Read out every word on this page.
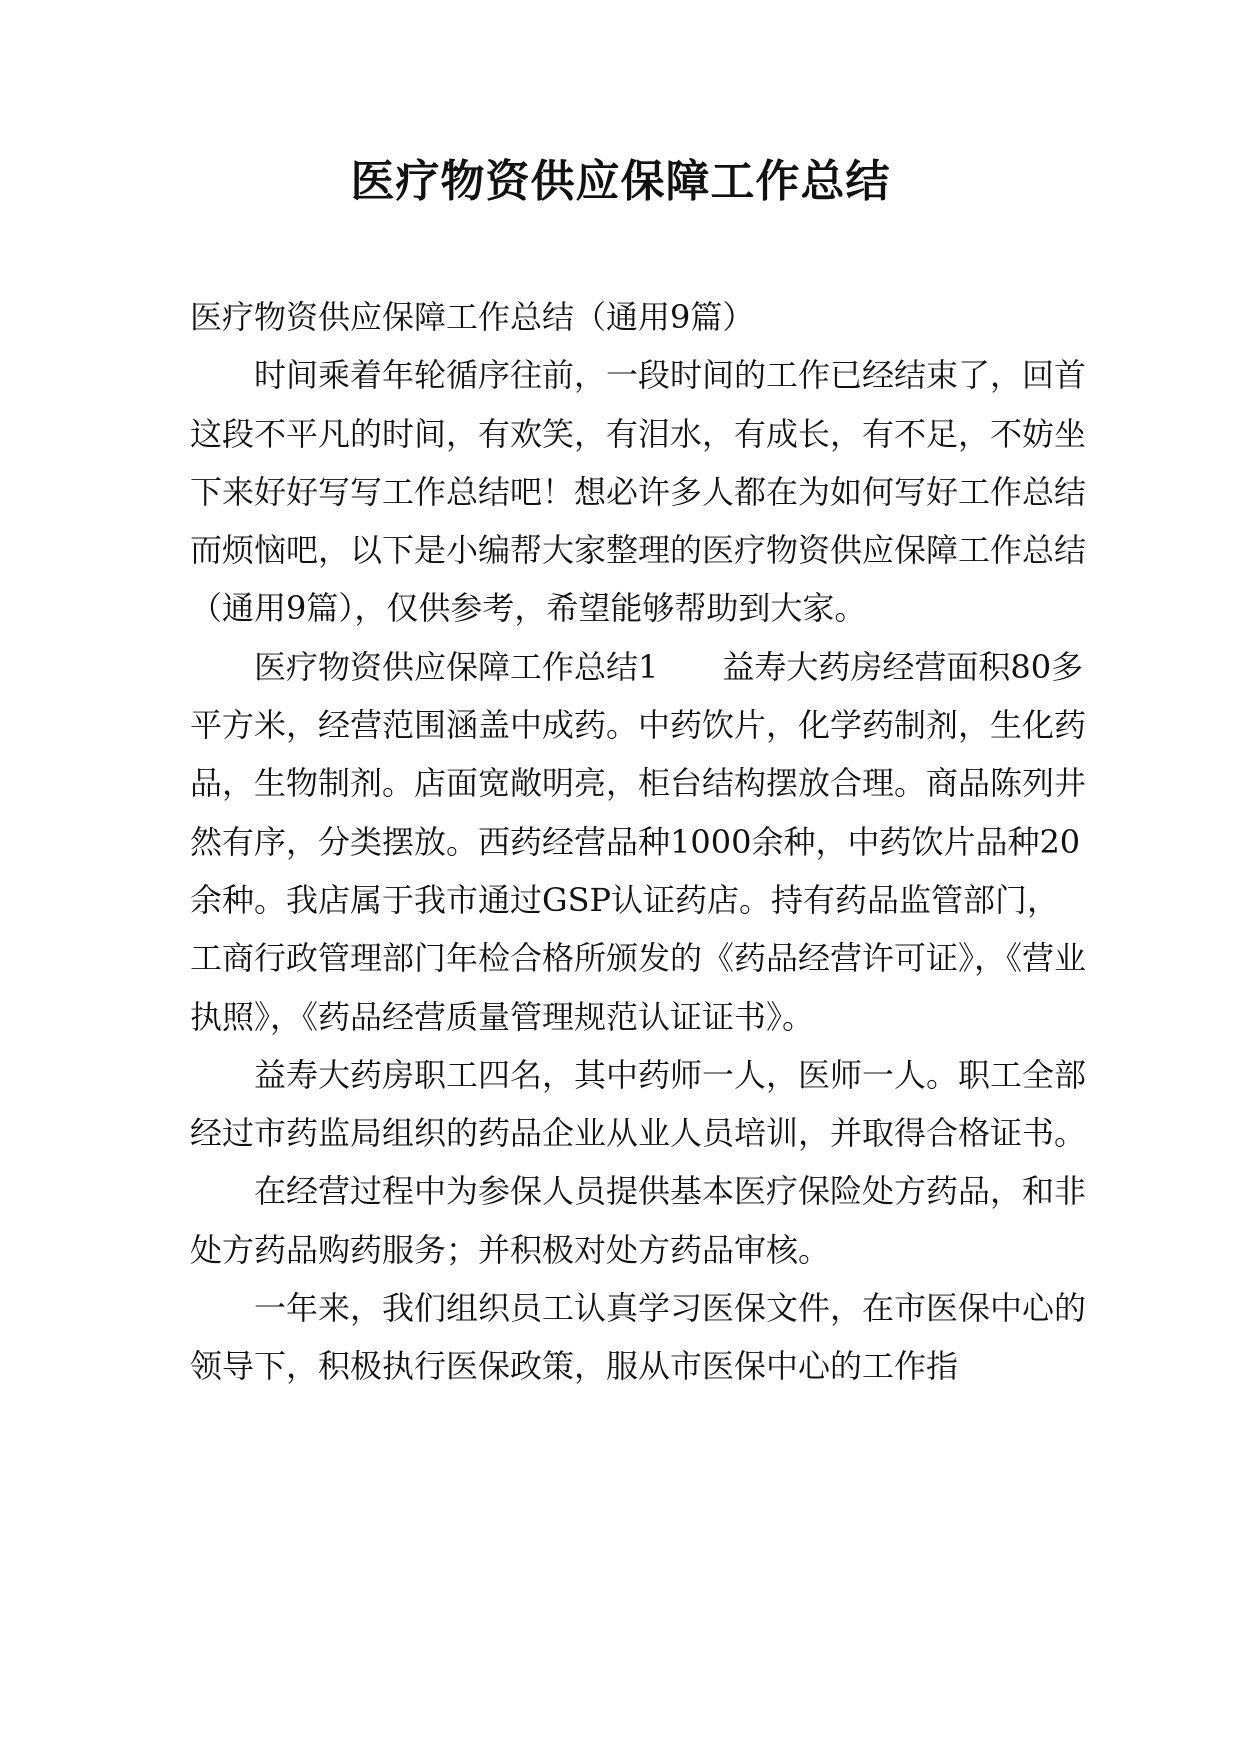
医疗物资供应保障工作总结

医疗物资供应保障工作总结（通用9篇）

时间乘着年轮循序往前，一段时间的工作已经结束了，回首这段不平凡的时间，有欢笑，有泪水，有成长，有不足，不妨坐下来好好写写工作总结吧！想必许多人都在为如何写好工作总结而烦恼吧，以下是小编帮大家整理的医疗物资供应保障工作总结（通用9篇），仅供参考，希望能够帮助到大家。

医疗物资供应保障工作总结1　　益寿大药房经营面积80多平方米，经营范围涵盖中成药。中药饮片，化学药制剂，生化药品，生物制剂。店面宽敞明亮，柜台结构摆放合理。商品陈列井然有序，分类摆放。西药经营品种1000余种，中药饮片品种20余种。我店属于我市通过GSP认证药店。持有药品监管部门，工商行政管理部门年检合格所颁发的《药品经营许可证》，《营业执照》，《药品经营质量管理规范认证证书》。

益寿大药房职工四名，其中药师一人，医师一人。职工全部经过市药监局组织的药品企业从业人员培训，并取得合格证书。

在经营过程中为参保人员提供基本医疗保险处方药品，和非处方药品购药服务；并积极对处方药品审核。

一年来，我们组织员工认真学习医保文件，在市医保中心的领导下，积极执行医保政策，服从市医保中心的工作指
